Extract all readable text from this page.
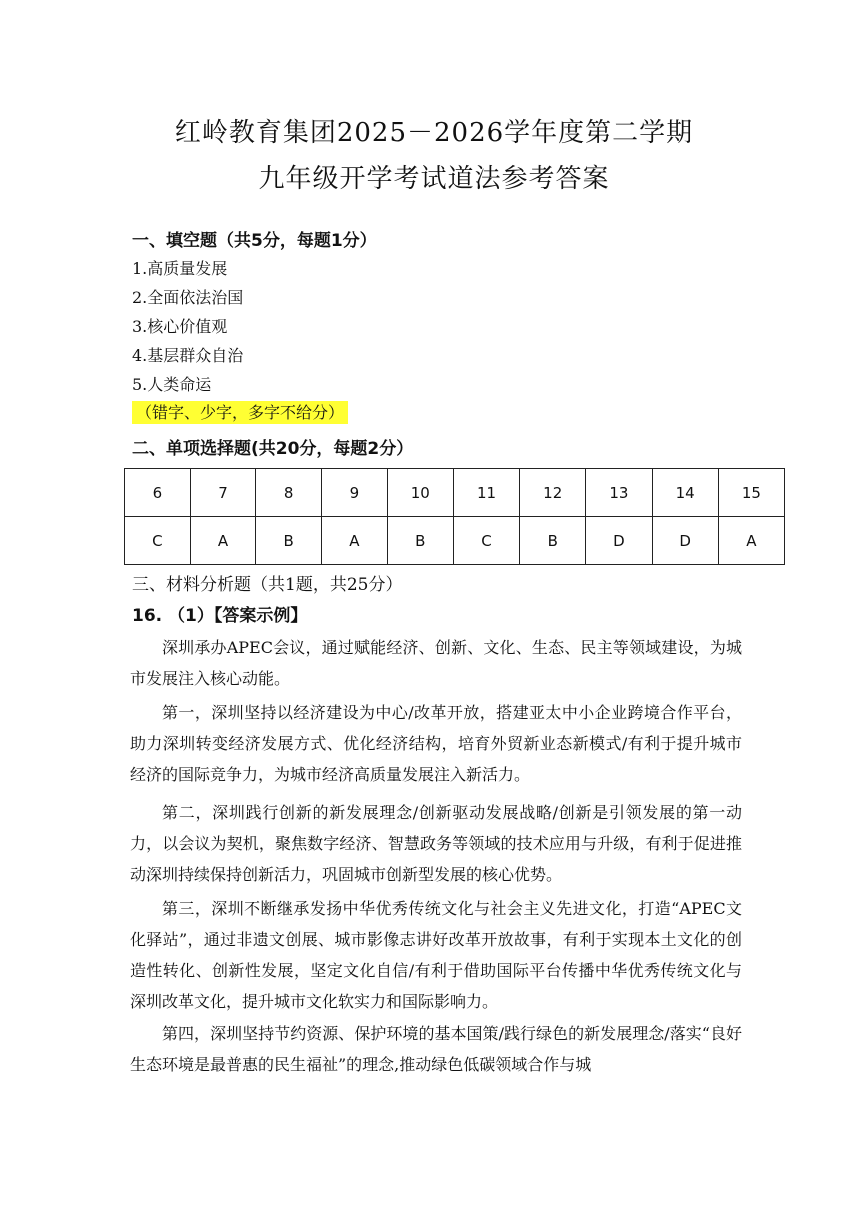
红岭教育集团2025－2026学年度第二学期
九年级开学考试道法参考答案
一、填空题（共5分，每题1分）
1.高质量发展
2.全面依法治国
3.核心价值观
4.基层群众自治
5.人类命运
（错字、少字，多字不给分）
二、单项选择题(共20分，每题2分）
6	7	8	9	10	11	12	13	14	15
C	A	B	A	B	C	B	D	D	A
三、材料分析题（共1题，共25分）
16. （1）【答案示例】
深圳承办APEC会议，通过赋能经济、创新、文化、生态、民主等领域建设，为城市发展注入核心动能。
第一，深圳坚持以经济建设为中心/改革开放，搭建亚太中小企业跨境合作平台，助力深圳转变经济发展方式、优化经济结构，培育外贸新业态新模式/有利于提升城市经济的国际竞争力，为城市经济高质量发展注入新活力。
第二，深圳践行创新的新发展理念/创新驱动发展战略/创新是引领发展的第一动力，以会议为契机，聚焦数字经济、智慧政务等领域的技术应用与升级，有利于促进推动深圳持续保持创新活力，巩固城市创新型发展的核心优势。
第三，深圳不断继承发扬中华优秀传统文化与社会主义先进文化，打造“APEC文化驿站”，通过非遗文创展、城市影像志讲好改革开放故事，有利于实现本土文化的创造性转化、创新性发展，坚定文化自信/有利于借助国际平台传播中华优秀传统文化与深圳改革文化，提升城市文化软实力和国际影响力。
第四，深圳坚持节约资源、保护环境的基本国策/践行绿色的新发展理念/落实“良好生态环境是最普惠的民生福祉”的理念,推动绿色低碳领域合作与城
